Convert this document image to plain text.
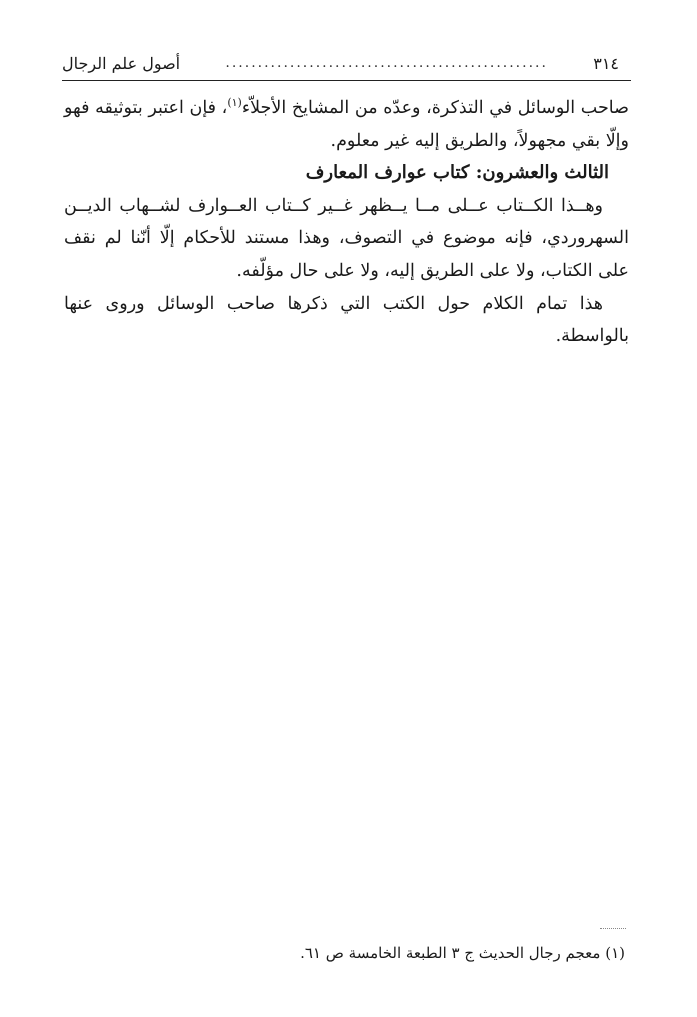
٣١٤
..................................................
أصول علم الرجال

صاحب الوسائل في التذكرة، وعدّه من المشايخ الأجلاّء$^{(١)}$، فإن اعتبر بتوثيقه فهو وإلّا بقي مجهولاً، والطريق إليه غير معلوم.

الثالث والعشرون: كتاب عوارف المعارف

وهــذا الكــتاب عــلى مــا يــظهر غــير كــتاب العــوارف لشــهاب الديــن السهروردي، فإنه موضوع في التصوف، وهذا مستند للأحكام إلّا أنّنا لم نقف على الكتاب، ولا على الطريق إليه، ولا على حال مؤلّفه.

هذا تمام الكلام حول الكتب التي ذكرها صاحب الوسائل وروى عنها بالواسطة.

(١) معجم رجال الحديث ج ٣ الطبعة الخامسة ص ٦١.
